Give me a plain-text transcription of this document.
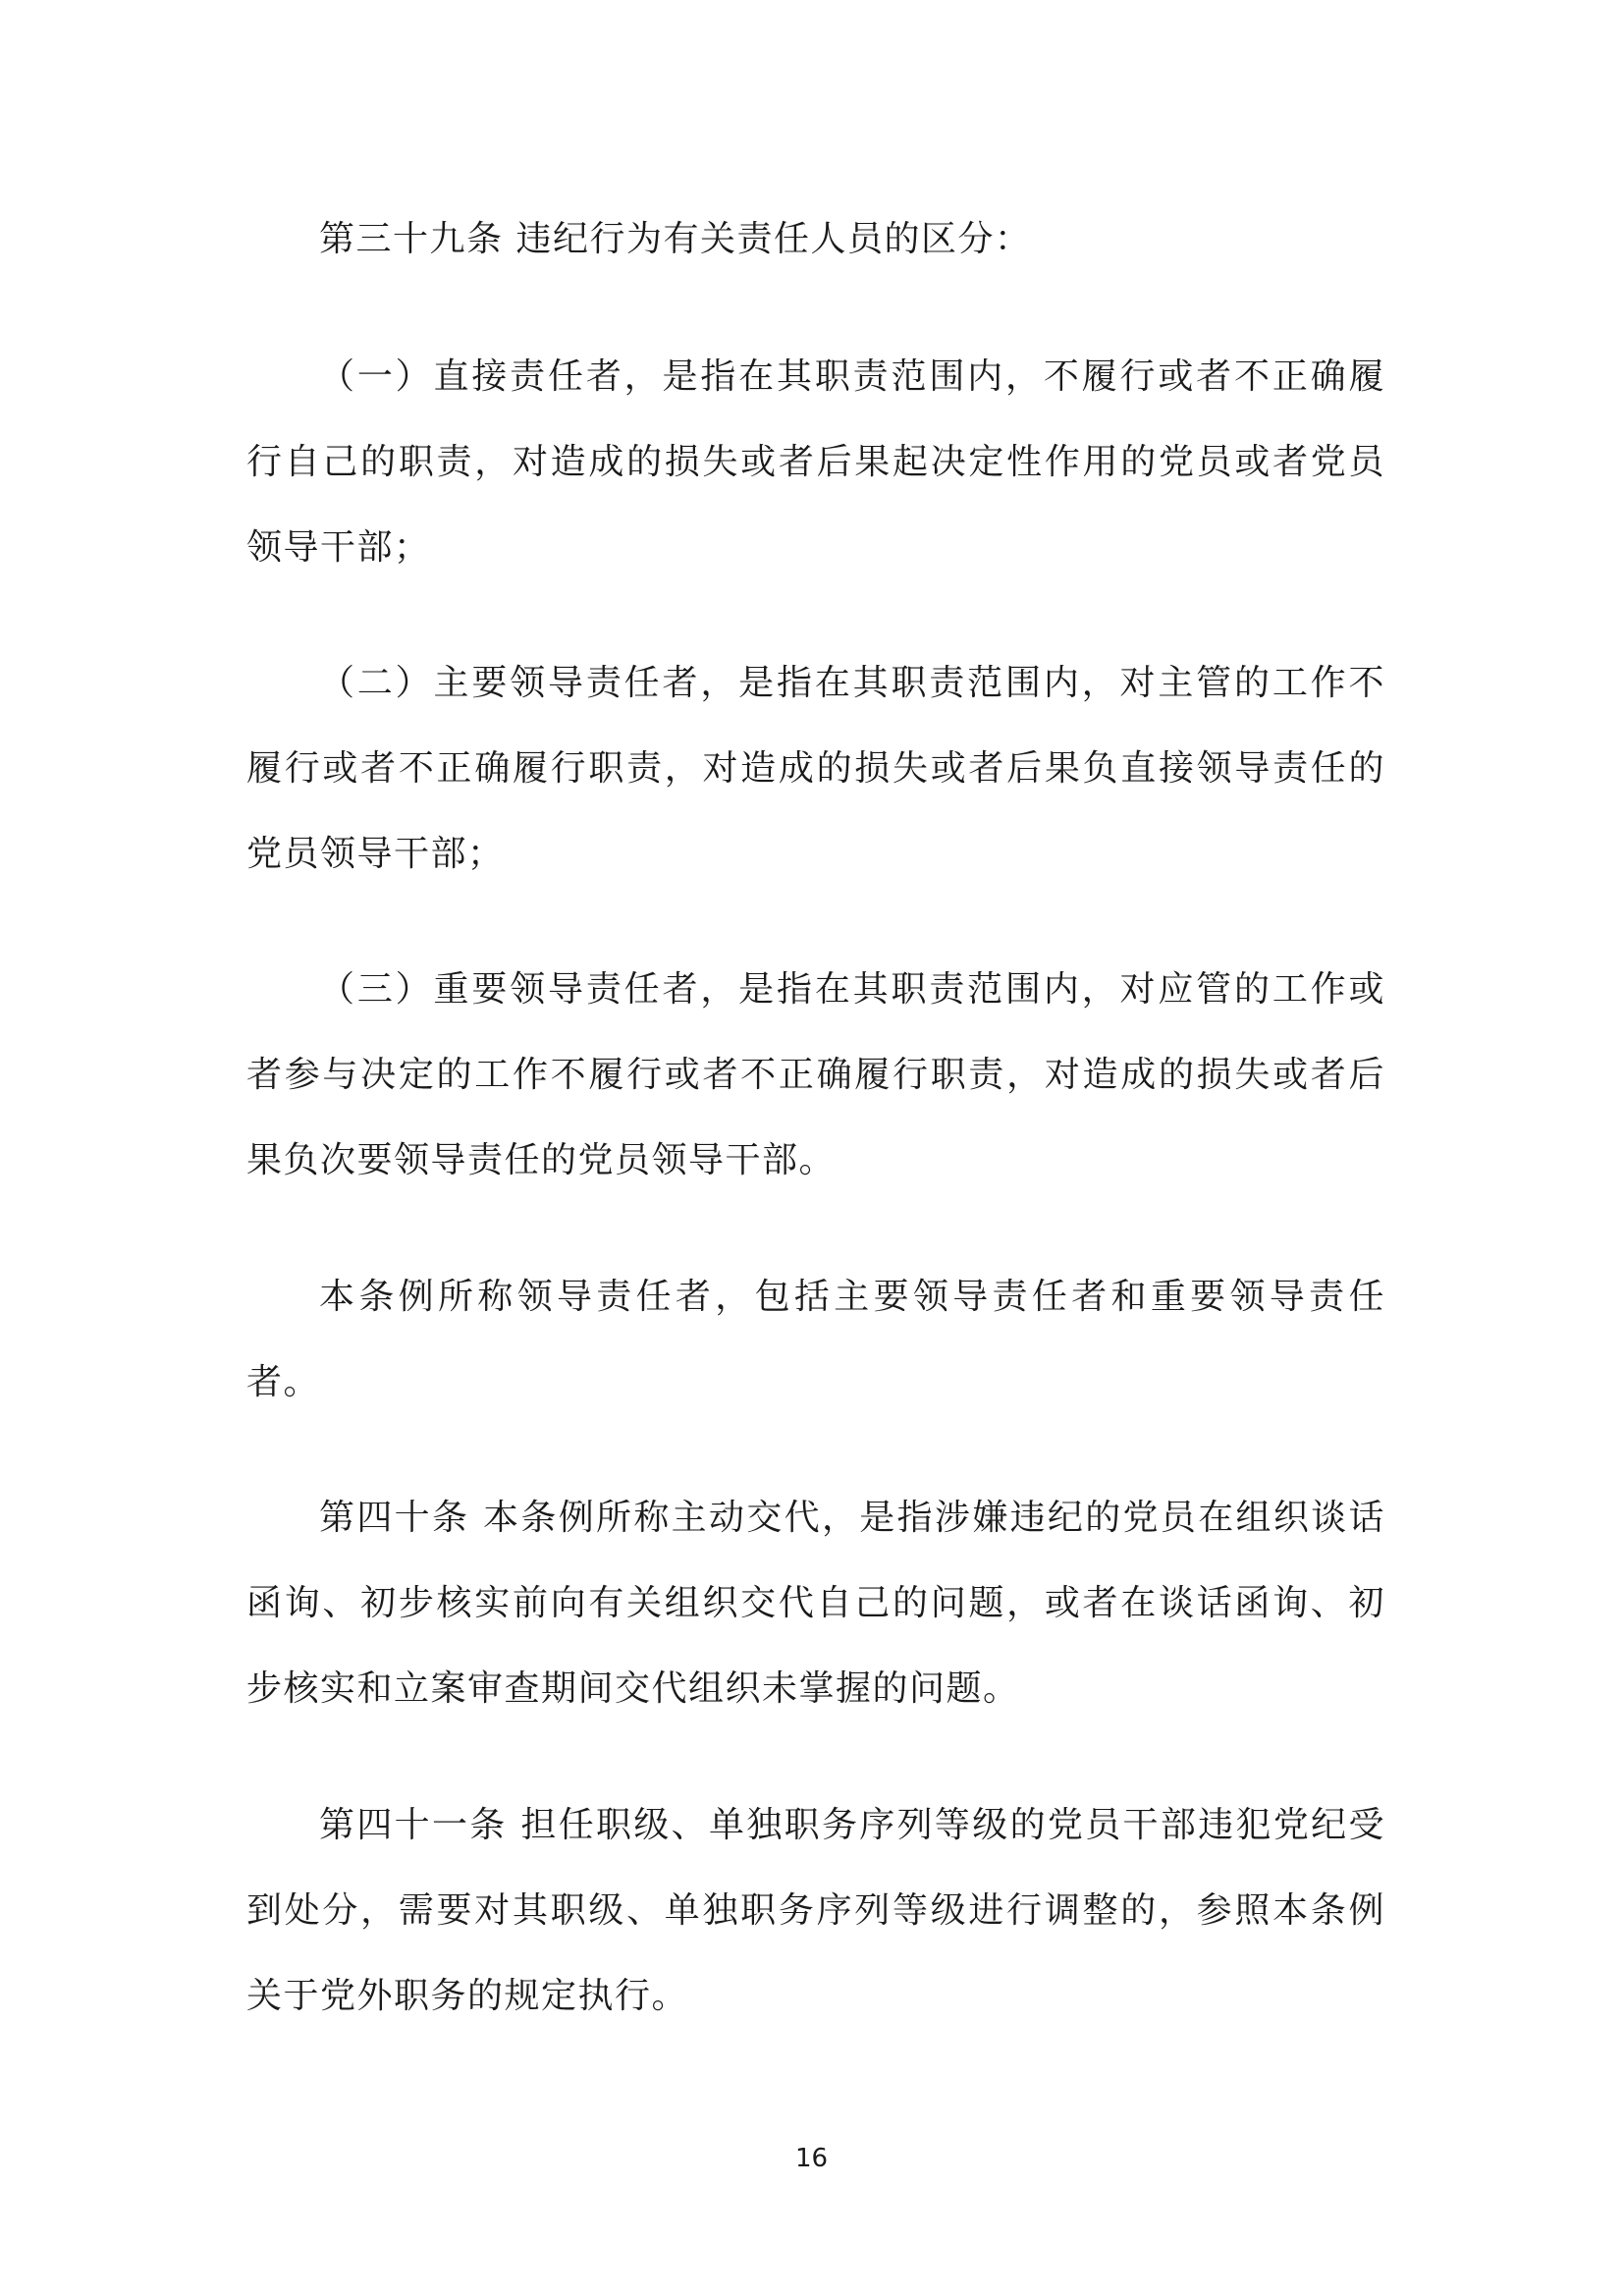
第三十九条 违纪行为有关责任人员的区分：

（一）直接责任者，是指在其职责范围内，不履行或者不正确履行自己的职责，对造成的损失或者后果起决定性作用的党员或者党员领导干部；

（二）主要领导责任者，是指在其职责范围内，对主管的工作不履行或者不正确履行职责，对造成的损失或者后果负直接领导责任的党员领导干部；

（三）重要领导责任者，是指在其职责范围内，对应管的工作或者参与决定的工作不履行或者不正确履行职责，对造成的损失或者后果负次要领导责任的党员领导干部。

本条例所称领导责任者，包括主要领导责任者和重要领导责任者。

第四十条 本条例所称主动交代，是指涉嫌违纪的党员在组织谈话函询、初步核实前向有关组织交代自己的问题，或者在谈话函询、初步核实和立案审查期间交代组织未掌握的问题。

第四十一条 担任职级、单独职务序列等级的党员干部违犯党纪受到处分，需要对其职级、单独职务序列等级进行调整的，参照本条例关于党外职务的规定执行。

16
